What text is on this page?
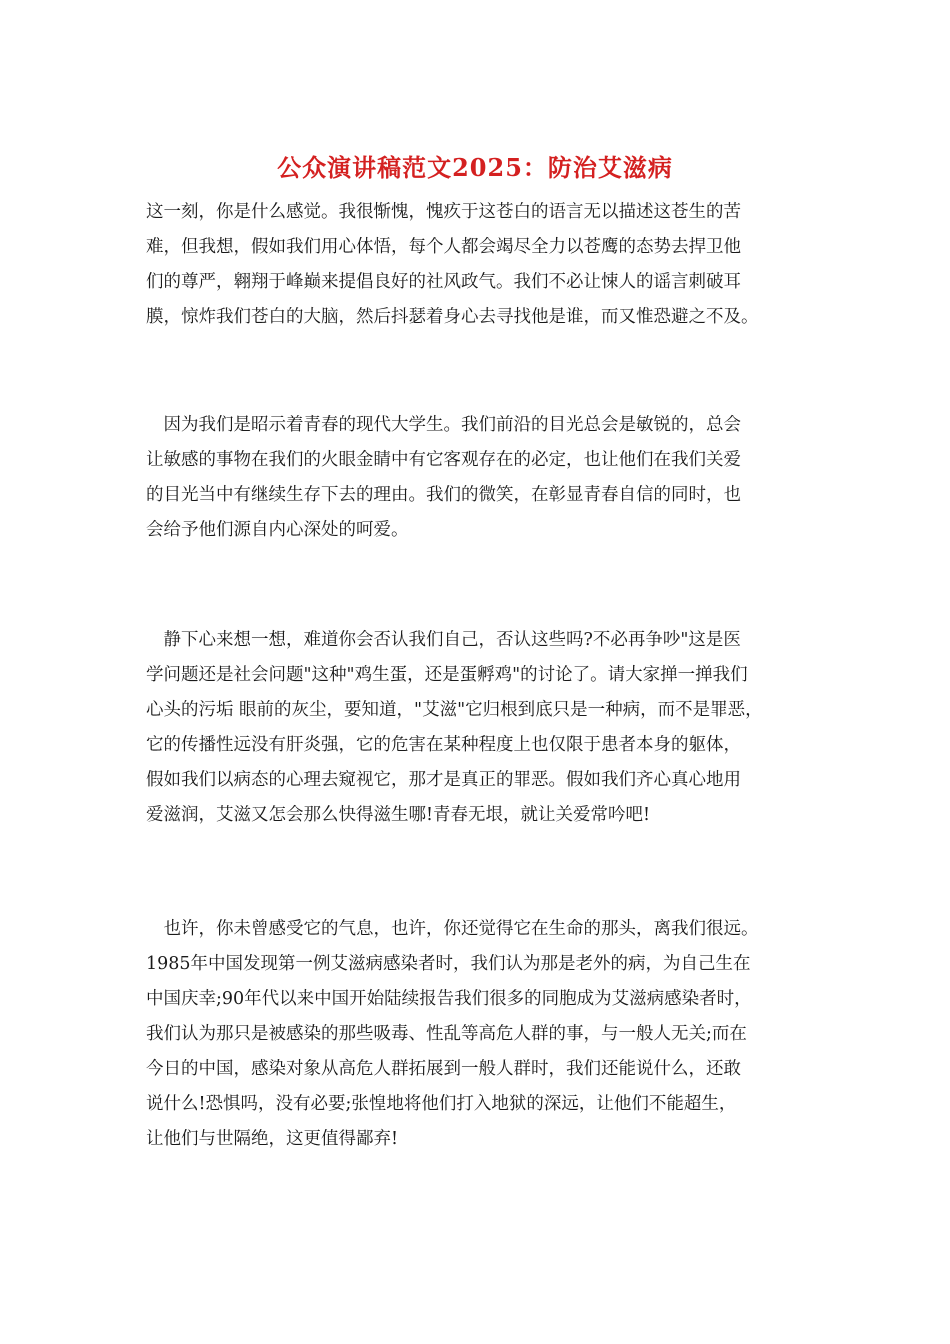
公众演讲稿范文2025：防治艾滋病
这一刻，你是什么感觉。我很惭愧，愧疚于这苍白的语言无以描述这苍生的苦
难，但我想，假如我们用心体悟，每个人都会竭尽全力以苍鹰的态势去捍卫他
们的尊严，翱翔于峰巅来提倡良好的社风政气。我们不必让悚人的谣言刺破耳
膜，惊炸我们苍白的大脑，然后抖瑟着身心去寻找他是谁，而又惟恐避之不及。
　因为我们是昭示着青春的现代大学生。我们前沿的目光总会是敏锐的，总会
让敏感的事物在我们的火眼金睛中有它客观存在的必定，也让他们在我们关爱
的目光当中有继续生存下去的理由。我们的微笑，在彰显青春自信的同时，也
会给予他们源自内心深处的呵爱。
　静下心来想一想，难道你会否认我们自己，否认这些吗?不必再争吵"这是医
学问题还是社会问题"这种"鸡生蛋，还是蛋孵鸡"的讨论了。请大家掸一掸我们
心头的污垢 眼前的灰尘，要知道，"艾滋"它归根到底只是一种病，而不是罪恶，
它的传播性远没有肝炎强，它的危害在某种程度上也仅限于患者本身的躯体，
假如我们以病态的心理去窥视它，那才是真正的罪恶。假如我们齐心真心地用
爱滋润，艾滋又怎会那么快得滋生哪!青春无垠，就让关爱常吟吧!
　也许，你未曾感受它的气息，也许，你还觉得它在生命的那头，离我们很远。
1985年中国发现第一例艾滋病感染者时，我们认为那是老外的病，为自己生在
中国庆幸;90年代以来中国开始陆续报告我们很多的同胞成为艾滋病感染者时，
我们认为那只是被感染的那些吸毒、性乱等高危人群的事，与一般人无关;而在
今日的中国，感染对象从高危人群拓展到一般人群时，我们还能说什么，还敢
说什么!恐惧吗，没有必要;张惶地将他们打入地狱的深远，让他们不能超生，
让他们与世隔绝，这更值得鄙弃!
